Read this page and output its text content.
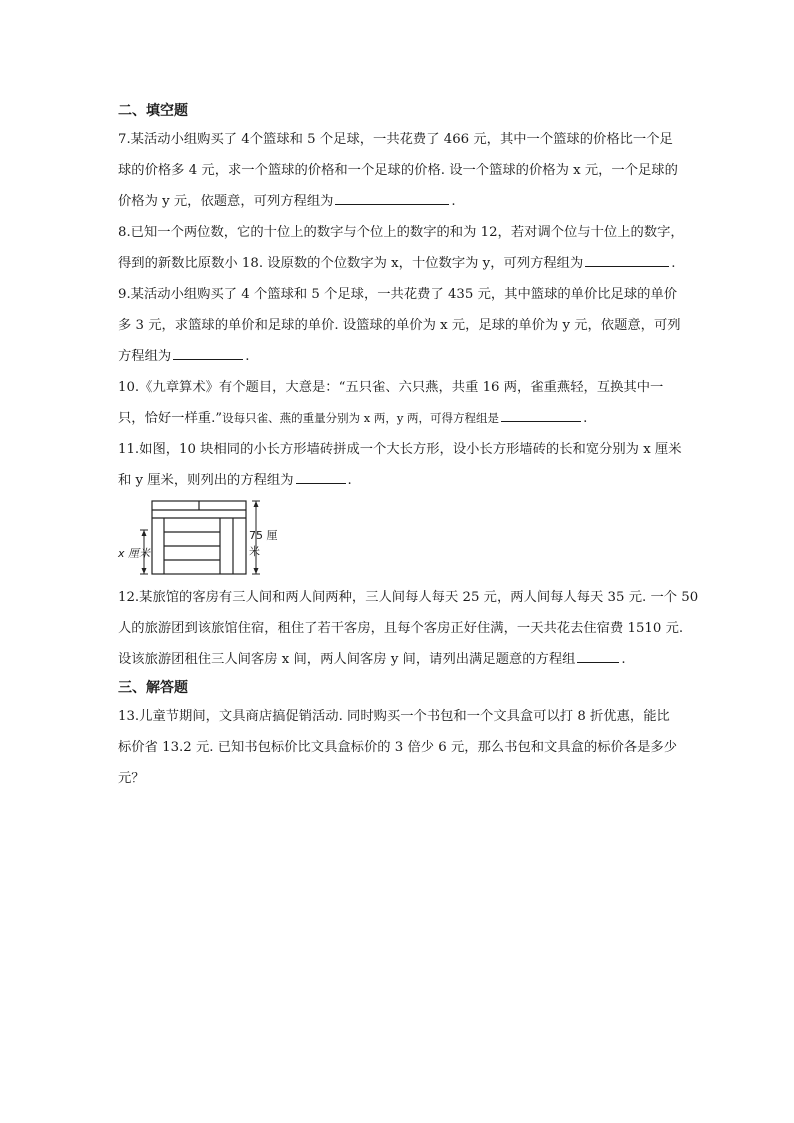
二、填空题

7.某活动小组购买了 4个篮球和 5 个足球，一共花费了 466 元，其中一个篮球的价格比一个足

球的价格多 4 元，求一个篮球的价格和一个足球的价格. 设一个篮球的价格为 x 元，一个足球的

价格为 y 元，依题意，可列方程组为	.

8.已知一个两位数，它的十位上的数字与个位上的数字的和为 12，若对调个位与十位上的数字，

得到的新数比原数小 18. 设原数的个位数字为 x，十位数字为 y，可列方程组为	.

9.某活动小组购买了 4 个篮球和 5 个足球，一共花费了 435 元，其中篮球的单价比足球的单价

多 3 元，求篮球的单价和足球的单价. 设篮球的单价为 x 元，足球的单价为 y 元，依题意，可列

方程组为	.

10.《九章算术》有个题目，大意是：“五只雀、六只燕，共重 16 两，雀重燕轻，互换其中一

只，恰好一样重.”设每只雀、燕的重量分别为 x 两，y 两，可得方程组是	.

11.如图，10 块相同的小长方形墙砖拼成一个大长方形，设小长方形墙砖的长和宽分别为 x 厘米

和 y 厘米，则列出的方程组为	.

75 厘米
x 厘米

12.某旅馆的客房有三人间和两人间两种，三人间每人每天 25 元，两人间每人每天 35 元. 一个 50

人的旅游团到该旅馆住宿，租住了若干客房，且每个客房正好住满，一天共花去住宿费 1510 元.

设该旅游团租住三人间客房 x 间，两人间客房 y 间，请列出满足题意的方程组	.

三、解答题

13.儿童节期间，文具商店搞促销活动. 同时购买一个书包和一个文具盒可以打 8 折优惠，能比

标价省 13.2 元. 已知书包标价比文具盒标价的 3 倍少 6 元，那么书包和文具盒的标价各是多少

元？
